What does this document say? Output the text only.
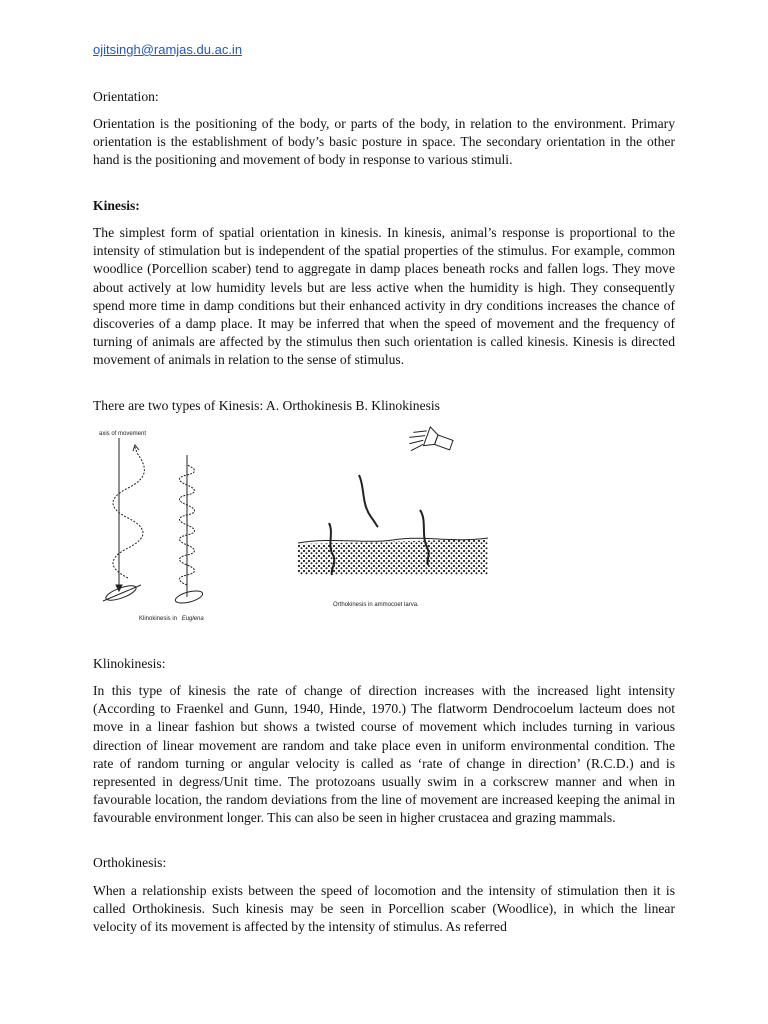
ojitsingh@ramjas.du.ac.in
Orientation:

Orientation is the positioning of the body, or parts of the body, in relation to the environment. Primary orientation is the establishment of body’s basic posture in space. The secondary orientation in the other hand is the positioning and movement of body in response to various stimuli.

Kinesis:

The simplest form of spatial orientation in kinesis. In kinesis, animal’s response is proportional to the intensity of stimulation but is independent of the spatial properties of the stimulus. For example, common woodlice (Porcellion scaber) tend to aggregate in damp places beneath rocks and fallen logs. They move about actively at low humidity levels but are less active when the humidity is high. They consequently spend more time in damp conditions but their enhanced activity in dry conditions increases the chance of discoveries of a damp place. It may be inferred that when the speed of movement and the frequency of turning of animals are affected by the stimulus then such orientation is called kinesis. Kinesis is directed movement of animals in relation to the sense of stimulus.

There are two types of Kinesis: A. Orthokinesis B. Klinokinesis
axis of movement
Klinokinesis in Euglena
Orthokinesis in ammocoet larva.
Klinokinesis:

In this type of kinesis the rate of change of direction increases with the increased light intensity (According to Fraenkel and Gunn, 1940, Hinde, 1970.) The flatworm Dendrocoelum lacteum does not move in a linear fashion but shows a twisted course of movement which includes turning in various direction of linear movement are random and take place even in uniform environmental condition. The rate of random turning or angular velocity is called as ‘rate of change in direction’ (R.C.D.) and is represented in degress/Unit time. The protozoans usually swim in a corkscrew manner and when in favourable location, the random deviations from the line of movement are increased keeping the animal in favourable environment longer. This can also be seen in higher crustacea and grazing mammals.

Orthokinesis:

When a relationship exists between the speed of locomotion and the intensity of stimulation then it is called Orthokinesis. Such kinesis may be seen in Porcellion scaber (Woodlice), in which the linear velocity of its movement is affected by the intensity of stimulus. As referred
